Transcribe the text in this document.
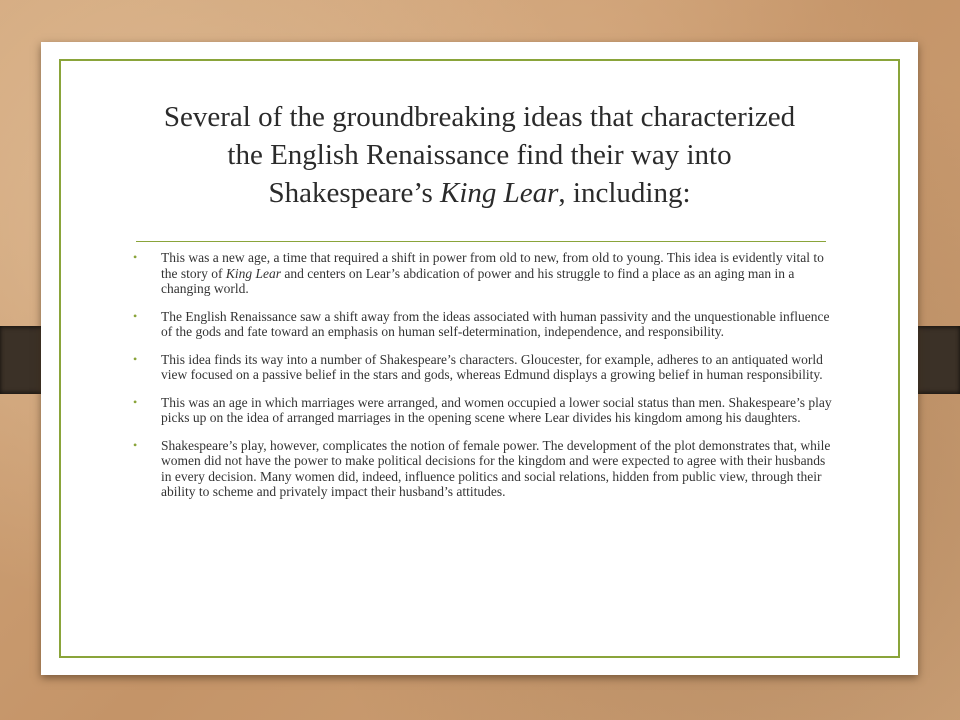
Several of the groundbreaking ideas that characterized
the English Renaissance find their way into
Shakespeare’s King Lear, including:
• This was a new age, a time that required a shift in power from old to new, from old to young. This idea is evidently vital to the story of King Lear and centers on Lear’s abdication of power and his struggle to find a place as an aging man in a changing world.
• The English Renaissance saw a shift away from the ideas associated with human passivity and the unquestionable influence of the gods and fate toward an emphasis on human self-determination, independence, and responsibility.
• This idea finds its way into a number of Shakespeare’s characters. Gloucester, for example, adheres to an antiquated world view focused on a passive belief in the stars and gods, whereas Edmund displays a growing belief in human responsibility.
• This was an age in which marriages were arranged, and women occupied a lower social status than men. Shakespeare’s play picks up on the idea of arranged marriages in the opening scene where Lear divides his kingdom among his daughters.
• Shakespeare’s play, however, complicates the notion of female power. The development of the plot demonstrates that, while women did not have the power to make political decisions for the kingdom and were expected to agree with their husbands in every decision. Many women did, indeed, influence politics and social relations, hidden from public view, through their ability to scheme and privately impact their husband’s attitudes.
